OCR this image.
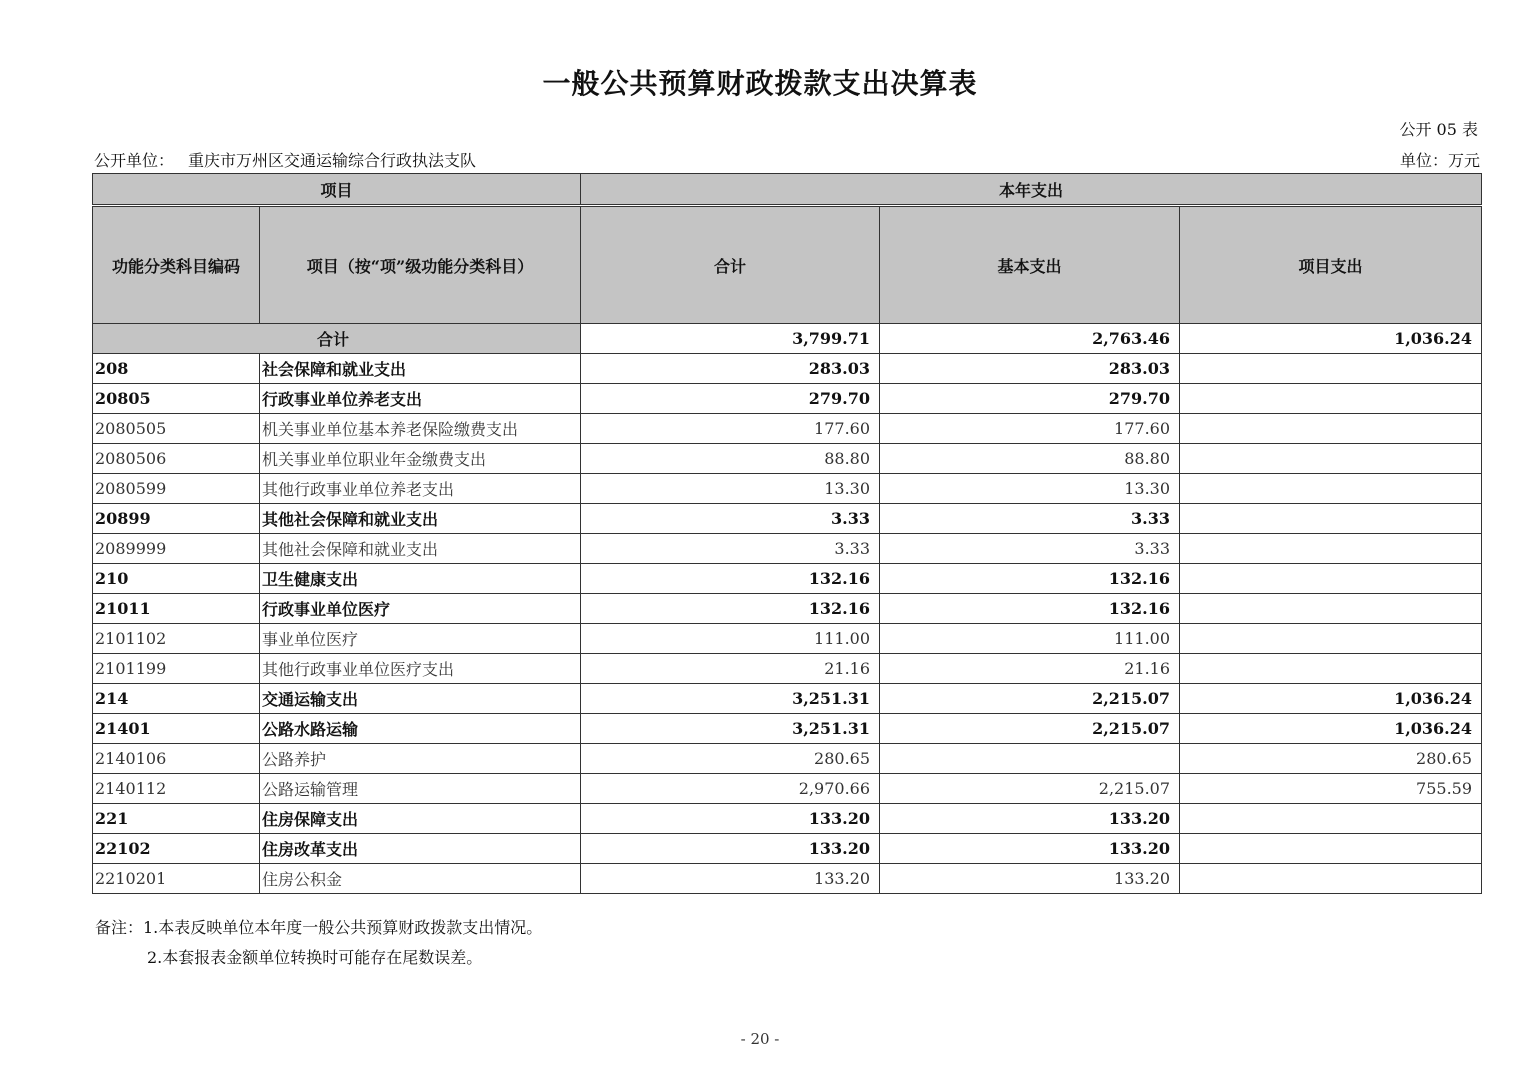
一般公共预算财政拨款支出决算表
公开 05 表
公开单位： 重庆市万州区交通运输综合行政执法支队	单位：万元
项目		本年支出		
功能分类科目编码	项目（按“项”级功能分类科目）	合计	基本支出	项目支出
合计		3,799.71	2,763.46	1,036.24
208	社会保障和就业支出	283.03	283.03	
20805	行政事业单位养老支出	279.70	279.70	
2080505	机关事业单位基本养老保险缴费支出	177.60	177.60	
2080506	机关事业单位职业年金缴费支出	88.80	88.80	
2080599	其他行政事业单位养老支出	13.30	13.30	
20899	其他社会保障和就业支出	3.33	3.33	
2089999	其他社会保障和就业支出	3.33	3.33	
210	卫生健康支出	132.16	132.16	
21011	行政事业单位医疗	132.16	132.16	
2101102	事业单位医疗	111.00	111.00	
2101199	其他行政事业单位医疗支出	21.16	21.16	
214	交通运输支出	3,251.31	2,215.07	1,036.24
21401	公路水路运输	3,251.31	2,215.07	1,036.24
2140106	公路养护	280.65		280.65
2140112	公路运输管理	2,970.66	2,215.07	755.59
221	住房保障支出	133.20	133.20	
22102	住房改革支出	133.20	133.20	
2210201	住房公积金	133.20	133.20	
备注：1.本表反映单位本年度一般公共预算财政拨款支出情况。
2.本套报表金额单位转换时可能存在尾数误差。
- 20 -
